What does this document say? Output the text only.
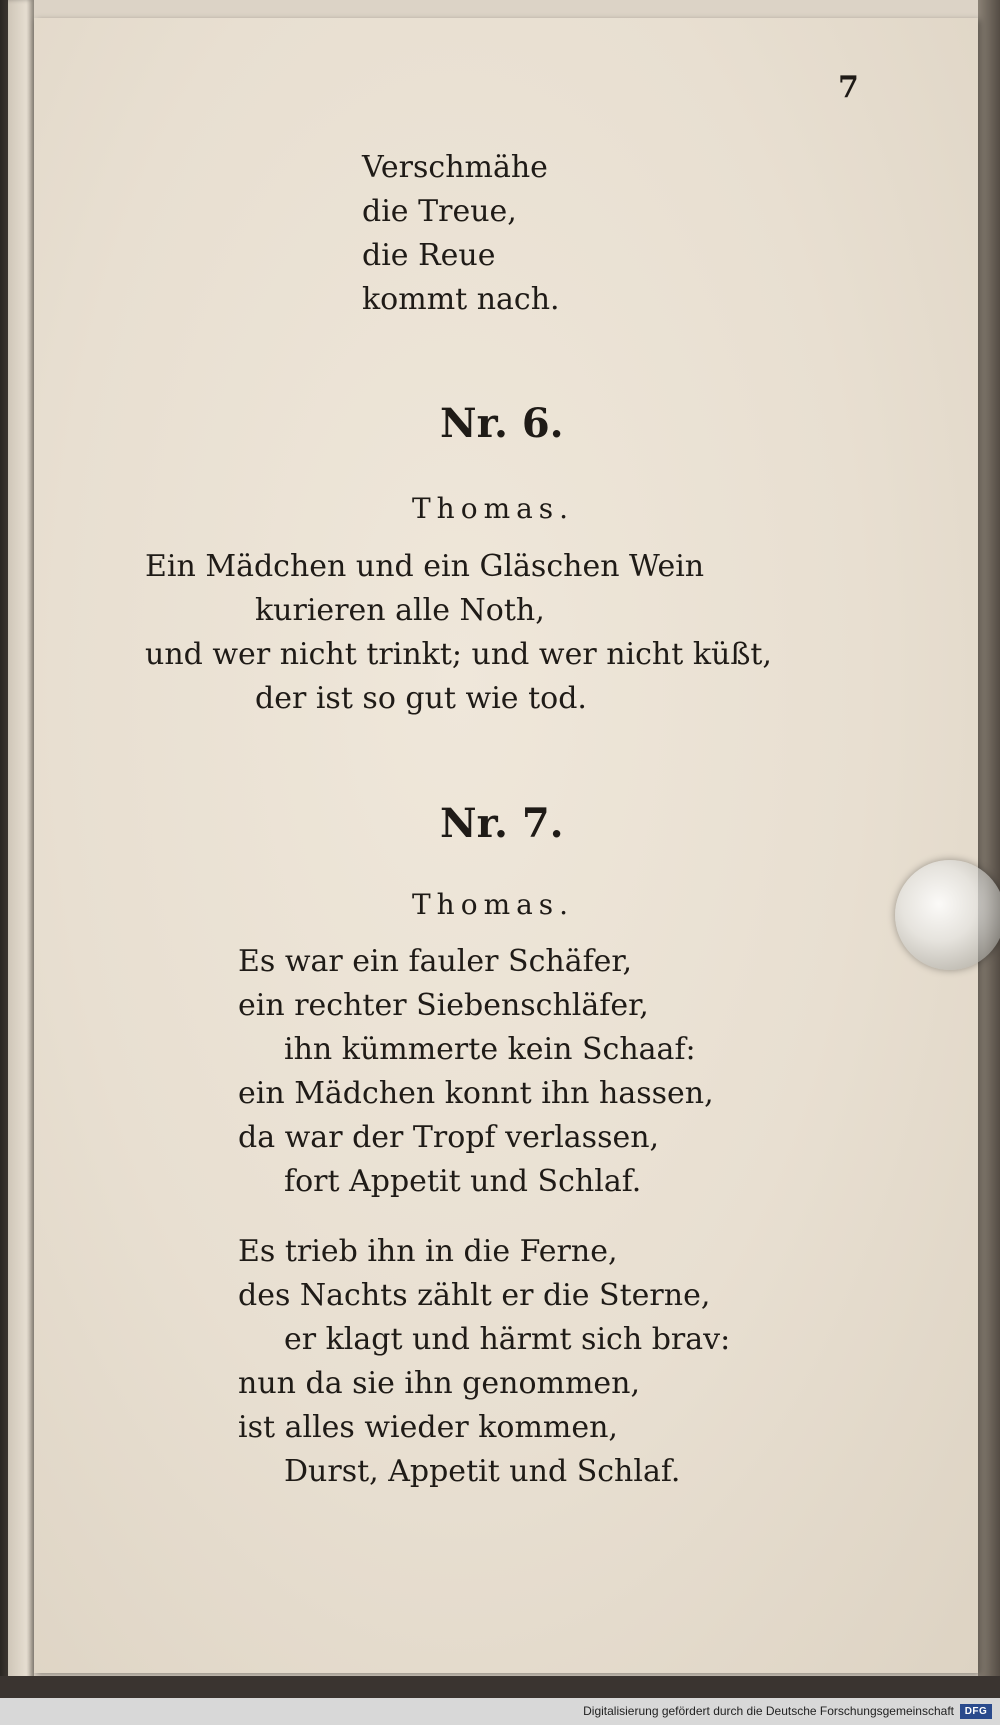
7
Verschmähe
die Treue,
die Reue
kommt nach.
Nr. 6.
Thomas.
Ein Mädchen und ein Gläschen Wein
kurieren alle Noth,
und wer nicht trinkt; und wer nicht küßt,
der ist so gut wie tod.
Nr. 7.
Thomas.
Es war ein fauler Schäfer,
ein rechter Siebenschläfer,
ihn kümmerte kein Schaaf:
ein Mädchen konnt ihn hassen,
da war der Tropf verlassen,
fort Appetit und Schlaf.
Es trieb ihn in die Ferne,
des Nachts zählt er die Sterne,
er klagt und härmt sich brav:
nun da sie ihn genommen,
ist alles wieder kommen,
Durst, Appetit und Schlaf.
Digitalisierung gefördert durch die Deutsche Forschungsgemeinschaft	DFG
